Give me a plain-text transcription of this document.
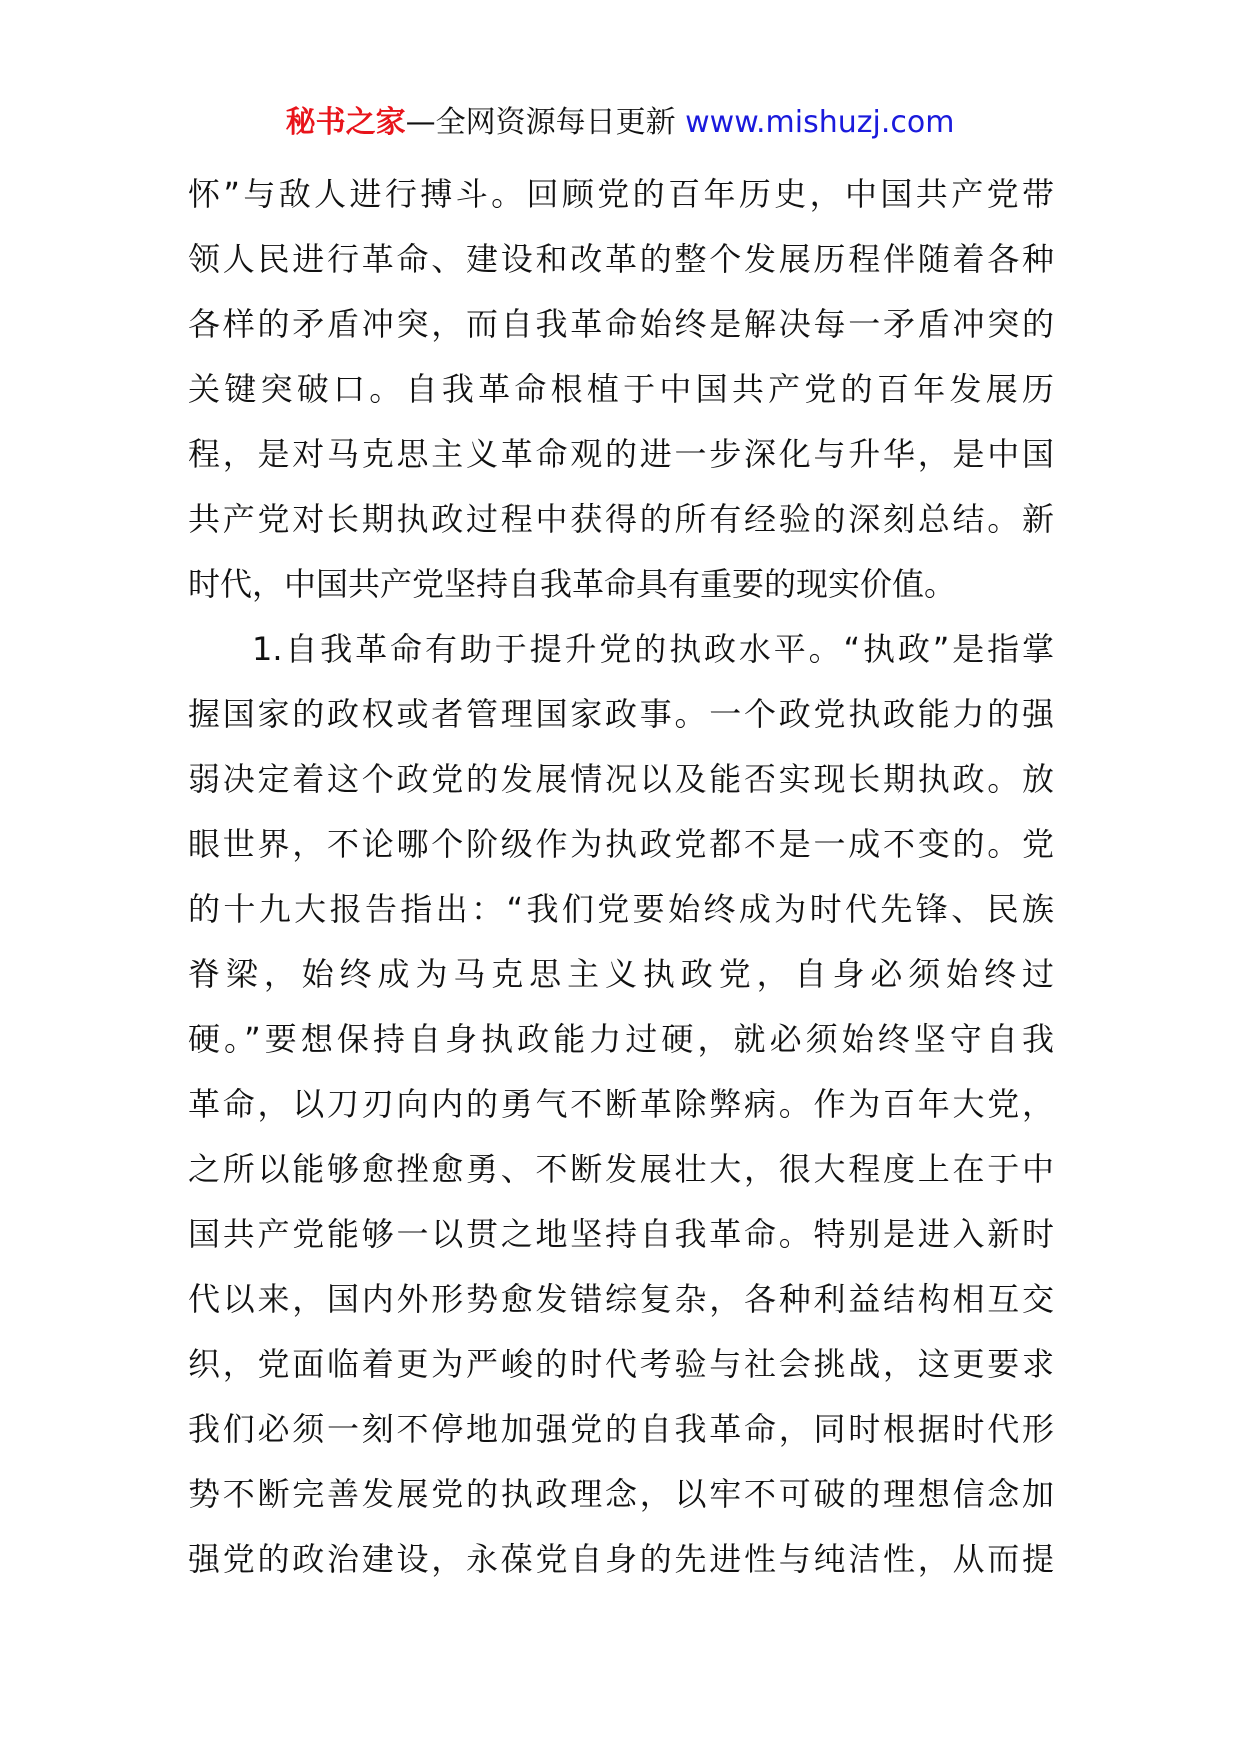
秘书之家—全网资源每日更新 www.mishuzj.com
怀”与敌人进行搏斗。回顾党的百年历史，中国共产党带
领人民进行革命、建设和改革的整个发展历程伴随着各种
各样的矛盾冲突，而自我革命始终是解决每一矛盾冲突的
关键突破口。自我革命根植于中国共产党的百年发展历
程，是对马克思主义革命观的进一步深化与升华，是中国
共产党对长期执政过程中获得的所有经验的深刻总结。新
时代，中国共产党坚持自我革命具有重要的现实价值。
1.自我革命有助于提升党的执政水平。“执政”是指掌
握国家的政权或者管理国家政事。一个政党执政能力的强
弱决定着这个政党的发展情况以及能否实现长期执政。放
眼世界，不论哪个阶级作为执政党都不是一成不变的。党
的十九大报告指出：“我们党要始终成为时代先锋、民族
脊梁，始终成为马克思主义执政党，自身必须始终过
硬。”要想保持自身执政能力过硬，就必须始终坚守自我
革命，以刀刃向内的勇气不断革除弊病。作为百年大党，
之所以能够愈挫愈勇、不断发展壮大，很大程度上在于中
国共产党能够一以贯之地坚持自我革命。特别是进入新时
代以来，国内外形势愈发错综复杂，各种利益结构相互交
织，党面临着更为严峻的时代考验与社会挑战，这更要求
我们必须一刻不停地加强党的自我革命，同时根据时代形
势不断完善发展党的执政理念，以牢不可破的理想信念加
强党的政治建设，永葆党自身的先进性与纯洁性，从而提
